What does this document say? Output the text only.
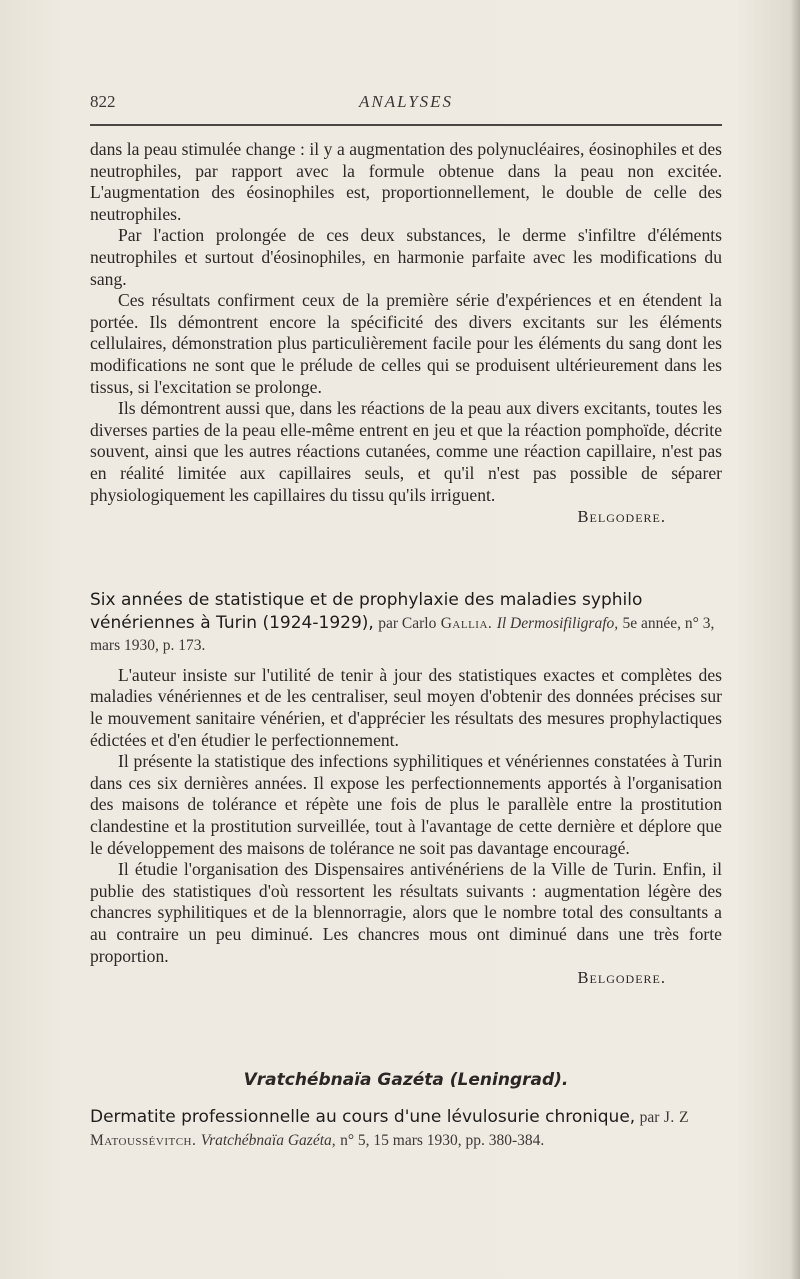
822	ANALYSES

dans la peau stimulée change : il y a augmentation des polynucléaires, éosinophiles et des neutrophiles, par rapport avec la formule obtenue dans la peau non excitée. L'augmentation des éosinophiles est, proportionnellement, le double de celle des neutrophiles.

Par l'action prolongée de ces deux substances, le derme s'infiltre d'éléments neutrophiles et surtout d'éosinophiles, en harmonie parfaite avec les modifications du sang.

Ces résultats confirment ceux de la première série d'expériences et en étendent la portée. Ils démontrent encore la spécificité des divers excitants sur les éléments cellulaires, démonstration plus particulièrement facile pour les éléments du sang dont les modifications ne sont que le prélude de celles qui se produisent ultérieurement dans les tissus, si l'excitation se prolonge.

Ils démontrent aussi que, dans les réactions de la peau aux divers excitants, toutes les diverses parties de la peau elle-même entrent en jeu et que la réaction pomphoïde, décrite souvent, ainsi que les autres réactions cutanées, comme une réaction capillaire, n'est pas en réalité limitée aux capillaires seuls, et qu'il n'est pas possible de séparer physiologiquement les capillaires du tissu qu'ils irriguent.

Belgodere.

Six années de statistique et de prophylaxie des maladies syphilo vénériennes à Turin (1924-1929), par Carlo Gallia. Il Dermosifiligrafo, 5e année, n° 3, mars 1930, p. 173.

L'auteur insiste sur l'utilité de tenir à jour des statistiques exactes et complètes des maladies vénériennes et de les centraliser, seul moyen d'obtenir des données précises sur le mouvement sanitaire vénérien, et d'apprécier les résultats des mesures prophylactiques édictées et d'en étudier le perfectionnement.

Il présente la statistique des infections syphilitiques et vénériennes constatées à Turin dans ces six dernières années. Il expose les perfectionnements apportés à l'organisation des maisons de tolérance et répète une fois de plus le parallèle entre la prostitution clandestine et la prostitution surveillée, tout à l'avantage de cette dernière et déplore que le développement des maisons de tolérance ne soit pas davantage encouragé.

Il étudie l'organisation des Dispensaires antivénériens de la Ville de Turin. Enfin, il publie des statistiques d'où ressortent les résultats suivants : augmentation légère des chancres syphilitiques et de la blennorragie, alors que le nombre total des consultants a au contraire un peu diminué. Les chancres mous ont diminué dans une très forte proportion.

Belgodere.

Vratchébnaïa Gazéta (Leningrad).

Dermatite professionnelle au cours d'une lévulosurie chronique, par J. Z Matoussévitch. Vratchébnaïa Gazéta, n° 5, 15 mars 1930, pp. 380-384.
